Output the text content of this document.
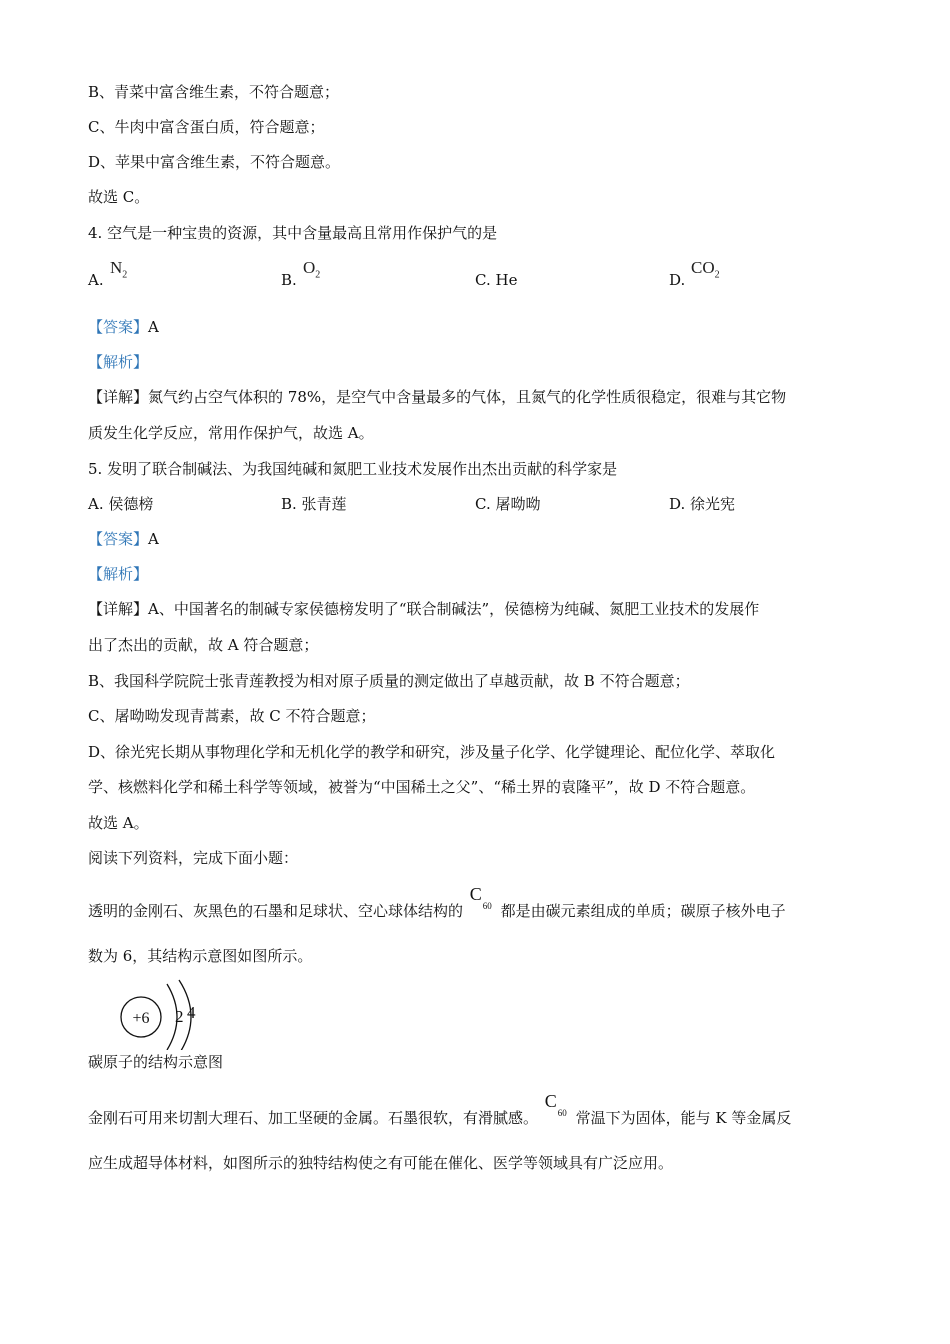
B、青菜中富含维生素，不符合题意；
C、牛肉中富含蛋白质，符合题意；
D、苹果中富含维生素，不符合题意。
故选 C。
4. 空气是一种宝贵的资源，其中含量最高且常用作保护气的是
A.
$N_2$	B.
$O_2$	C. He	D.
$CO_2$
【答案】A
【解析】
【详解】氮气约占空气体积的 78%，是空气中含量最多的气体，且氮气的化学性质很稳定，很难与其它物
质发生化学反应，常用作保护气，故选 A。
5. 发明了联合制碱法、为我国纯碱和氮肥工业技术发展作出杰出贡献的科学家是
A. 侯德榜	B. 张青莲	C. 屠呦呦	D. 徐光宪
【答案】A
【解析】
【详解】A、中国著名的制碱专家侯德榜发明了“联合制碱法”，侯德榜为纯碱、氮肥工业技术的发展作
出了杰出的贡献，故 A 符合题意；
B、我国科学院院士张青莲教授为相对原子质量的测定做出了卓越贡献，故 B 不符合题意；
C、屠呦呦发现青蒿素，故 C 不符合题意；
D、徐光宪长期从事物理化学和无机化学的教学和研究，涉及量子化学、化学键理论、配位化学、萃取化
学、核燃料化学和稀土科学等领域，被誉为“中国稀土之父”、“稀土界的袁隆平”，故 D 不符合题意。
故选 A。
阅读下列资料，完成下面小题：
透明的金刚石、灰黑色的石墨和足球状、空心球体结构的
C
60 都是由碳元素组成的单质；碳原子核外电子
数为 6，其结构示意图如图所示。
+6 2 4
碳原子的结构示意图
金刚石可用来切割大理石、加工坚硬的金属。石墨很软，有滑腻感。
C
60 常温下为固体，能与 K 等金属反
应生成超导体材料，如图所示的独特结构使之有可能在催化、医学等领域具有广泛应用。
